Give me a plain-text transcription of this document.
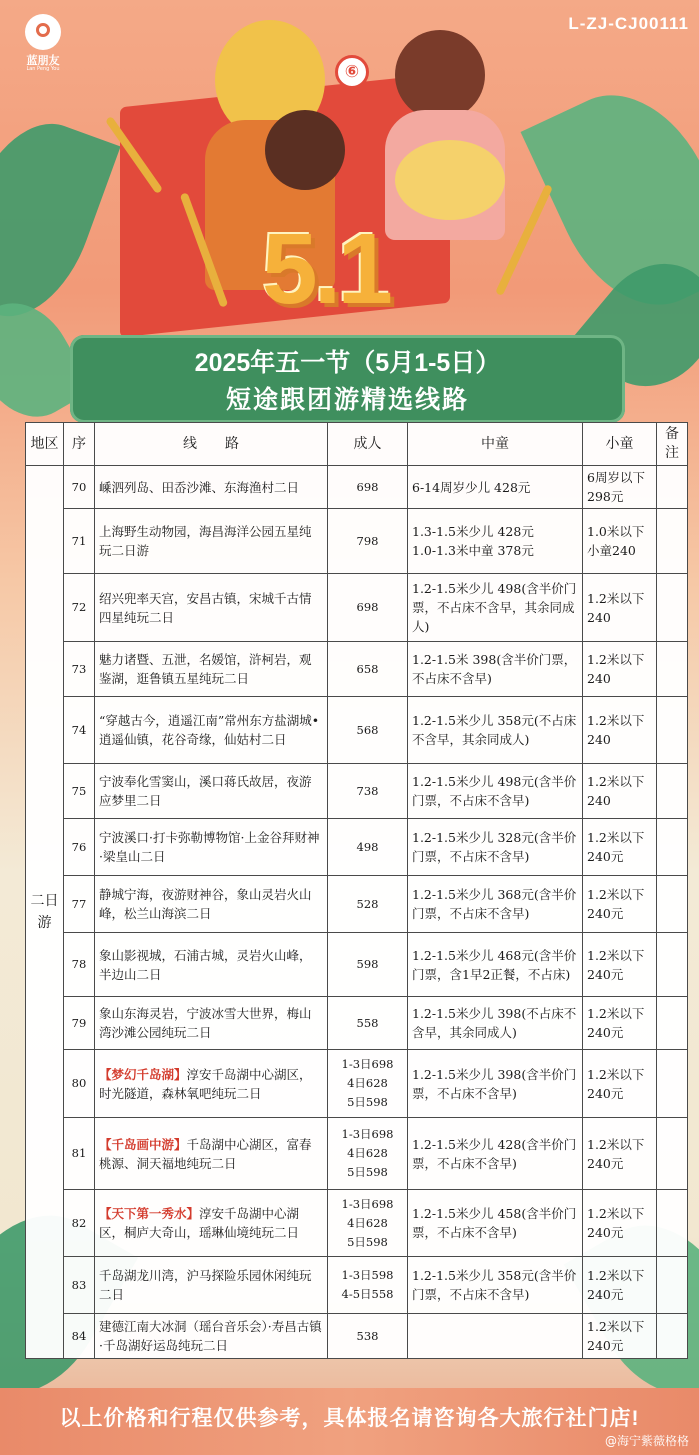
蓝朋友
Lan Peng You
L-ZJ-CJ00111
⑥
5.1
2025年五一节（5月1-5日）
短途跟团游精选线路
地区	序	线　　路	成人	中童	小童	备注
二日游	70	嵊泗列岛、田岙沙滩、东海渔村二日	698	6-14周岁少儿 428元	6周岁以下 298元	
	71	上海野生动物园，海昌海洋公园五星纯玩二日游	798	1.3-1.5米少儿 428元
1.0-1.3米中童 378元	1.0米以下小童240	
	72	绍兴兜率天宫，安昌古镇，宋城千古情四星纯玩二日	698	1.2-1.5米少儿 498(含半价门票，不占床不含早，其余同成人)	1.2米以下 240	
	73	魅力诸暨、五泄，名媛馆，浒柯岩，观鉴湖，逛鲁镇五星纯玩二日	658	1.2-1.5米 398(含半价门票，不占床不含早)	1.2米以下 240	
	74	“穿越古今，逍遥江南”常州东方盐湖城•逍遥仙镇，花谷奇缘，仙姑村二日	568	1.2-1.5米少儿 358元(不占床不含早，其余同成人)	1.2米以下 240	
	75	宁波奉化雪窦山，溪口蒋氏故居，夜游应梦里二日	738	1.2-1.5米少儿 498元(含半价门票，不占床不含早)	1.2米以下 240	
	76	宁波溪口·打卡弥勒博物馆·上金谷拜财神·梁皇山二日	498	1.2-1.5米少儿 328元(含半价门票，不占床不含早)	1.2米以下 240元	
	77	静城宁海，夜游财神谷，象山灵岩火山峰，松兰山海滨二日	528	1.2-1.5米少儿 368元(含半价门票，不占床不含早)	1.2米以下 240元	
	78	象山影视城，石浦古城，灵岩火山峰，半边山二日	598	1.2-1.5米少儿 468元(含半价门票，含1早2正餐，不占床)	1.2米以下 240元	
	79	象山东海灵岩，宁波冰雪大世界，梅山湾沙滩公园纯玩二日	558	1.2-1.5米少儿 398(不占床不含早，其余同成人)	1.2米以下 240元	
	80	【梦幻千岛湖】淳安千岛湖中心湖区，时光隧道，森林氧吧纯玩二日	1-3日698
4日628
5日598	1.2-1.5米少儿 398(含半价门票，不占床不含早)	1.2米以下 240元	
	81	【千岛画中游】千岛湖中心湖区，富春桃源、洞天福地纯玩二日	1-3日698
4日628
5日598	1.2-1.5米少儿 428(含半价门票，不占床不含早)	1.2米以下 240元	
	82	【天下第一秀水】淳安千岛湖中心湖区，桐庐大奇山，瑶琳仙境纯玩二日	1-3日698
4日628
5日598	1.2-1.5米少儿 458(含半价门票，不占床不含早)	1.2米以下 240元	
	83	千岛湖龙川湾，沪马探险乐园休闲纯玩二日	1-3日598
4-5日558	1.2-1.5米少儿 358元(含半价门票，不占床不含早)	1.2米以下 240元	
	84	建德江南大冰洞（瑶台音乐会）·寿昌古镇·千岛湖好运岛纯玩二日	538		1.2米以下 240元	
以上价格和行程仅供参考，具体报名请咨询各大旅行社门店!
@海宁紫薇格格
